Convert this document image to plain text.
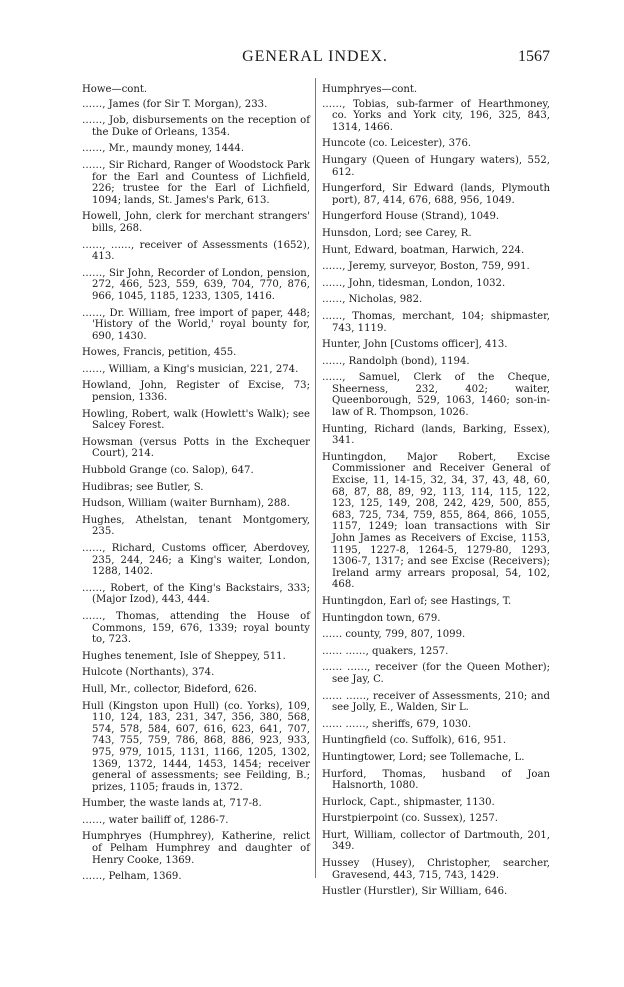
GENERAL INDEX.	1567

Howe—cont.

……, James (for Sir T. Morgan), 233.

……, Job, disbursements on the reception of the Duke of Orleans, 1354.

……, Mr., maundy money, 1444.

……, Sir Richard, Ranger of Woodstock Park for the Earl and Countess of Lichfield, 226; trustee for the Earl of Lichfield, 1094; lands, St. James's Park, 613.

Howell, John, clerk for merchant strangers' bills, 268.

……, ……, receiver of Assessments (1652), 413.

……, Sir John, Recorder of London, pension, 272, 466, 523, 559, 639, 704, 770, 876, 966, 1045, 1185, 1233, 1305, 1416.

……, Dr. William, free import of paper, 448; 'History of the World,' royal bounty for, 690, 1430.

Howes, Francis, petition, 455.

……, William, a King's musician, 221, 274.

Howland, John, Register of Excise, 73; pension, 1336.

Howling, Robert, walk (Howlett's Walk); see Salcey Forest.

Howsman (versus Potts in the Exchequer Court), 214.

Hubbold Grange (co. Salop), 647.

Hudibras; see Butler, S.

Hudson, William (waiter Burnham), 288.

Hughes, Athelstan, tenant Montgomery, 235.

……, Richard, Customs officer, Aberdovey, 235, 244, 246; a King's waiter, London, 1288, 1402.

……, Robert, of the King's Backstairs, 333; (Major Izod), 443, 444.

……, Thomas, attending the House of Commons, 159, 676, 1339; royal bounty to, 723.

Hughes tenement, Isle of Sheppey, 511.

Hulcote (Northants), 374.

Hull, Mr., collector, Bideford, 626.

Hull (Kingston upon Hull) (co. Yorks), 109, 110, 124, 183, 231, 347, 356, 380, 568, 574, 578, 584, 607, 616, 623, 641, 707, 743, 755, 759, 786, 868, 886, 923, 933, 975, 979, 1015, 1131, 1166, 1205, 1302, 1369, 1372, 1444, 1453, 1454; receiver general of assessments; see Feilding, B.; prizes, 1105; frauds in, 1372.

Humber, the waste lands at, 717-8.

……, water bailiff of, 1286-7.

Humphryes (Humphrey), Katherine, relict of Pelham Humphrey and daughter of Henry Cooke, 1369.

……, Pelham, 1369.

Humphryes—cont.

……, Tobias, sub-farmer of Hearthmoney, co. Yorks and York city, 196, 325, 843, 1314, 1466.

Huncote (co. Leicester), 376.

Hungary (Queen of Hungary waters), 552, 612.

Hungerford, Sir Edward (lands, Plymouth port), 87, 414, 676, 688, 956, 1049.

Hungerford House (Strand), 1049.

Hunsdon, Lord; see Carey, R.

Hunt, Edward, boatman, Harwich, 224.

……, Jeremy, surveyor, Boston, 759, 991.

……, John, tidesman, London, 1032.

……, Nicholas, 982.

……, Thomas, merchant, 104; shipmaster, 743, 1119.

Hunter, John [Customs officer], 413.

……, Randolph (bond), 1194.

……, Samuel, Clerk of the Cheque, Sheerness, 232, 402; waiter, Queenborough, 529, 1063, 1460; son-in-law of R. Thompson, 1026.

Hunting, Richard (lands, Barking, Essex), 341.

Huntingdon, Major Robert, Excise Commissioner and Receiver General of Excise, 11, 14-15, 32, 34, 37, 43, 48, 60, 68, 87, 88, 89, 92, 113, 114, 115, 122, 123, 125, 149, 208, 242, 429, 500, 855, 683, 725, 734, 759, 855, 864, 866, 1055, 1157, 1249; loan transactions with Sir John James as Receivers of Excise, 1153, 1195, 1227-8, 1264-5, 1279-80, 1293, 1306-7, 1317; and see Excise (Receivers); Ireland army arrears proposal, 54, 102, 468.

Huntingdon, Earl of; see Hastings, T.

Huntingdon town, 679.

…… county, 799, 807, 1099.

…… ……, quakers, 1257.

…… ……, receiver (for the Queen Mother); see Jay, C.

…… ……, receiver of Assessments, 210; and see Jolly, E., Walden, Sir L.

…… ……, sheriffs, 679, 1030.

Huntingfield (co. Suffolk), 616, 951.

Huntingtower, Lord; see Tollemache, L.

Hurford, Thomas, husband of Joan Halsnorth, 1080.

Hurlock, Capt., shipmaster, 1130.

Hurstpierpoint (co. Sussex), 1257.

Hurt, William, collector of Dartmouth, 201, 349.

Hussey (Husey), Christopher, searcher, Gravesend, 443, 715, 743, 1429.

Hustler (Hurstler), Sir William, 646.
